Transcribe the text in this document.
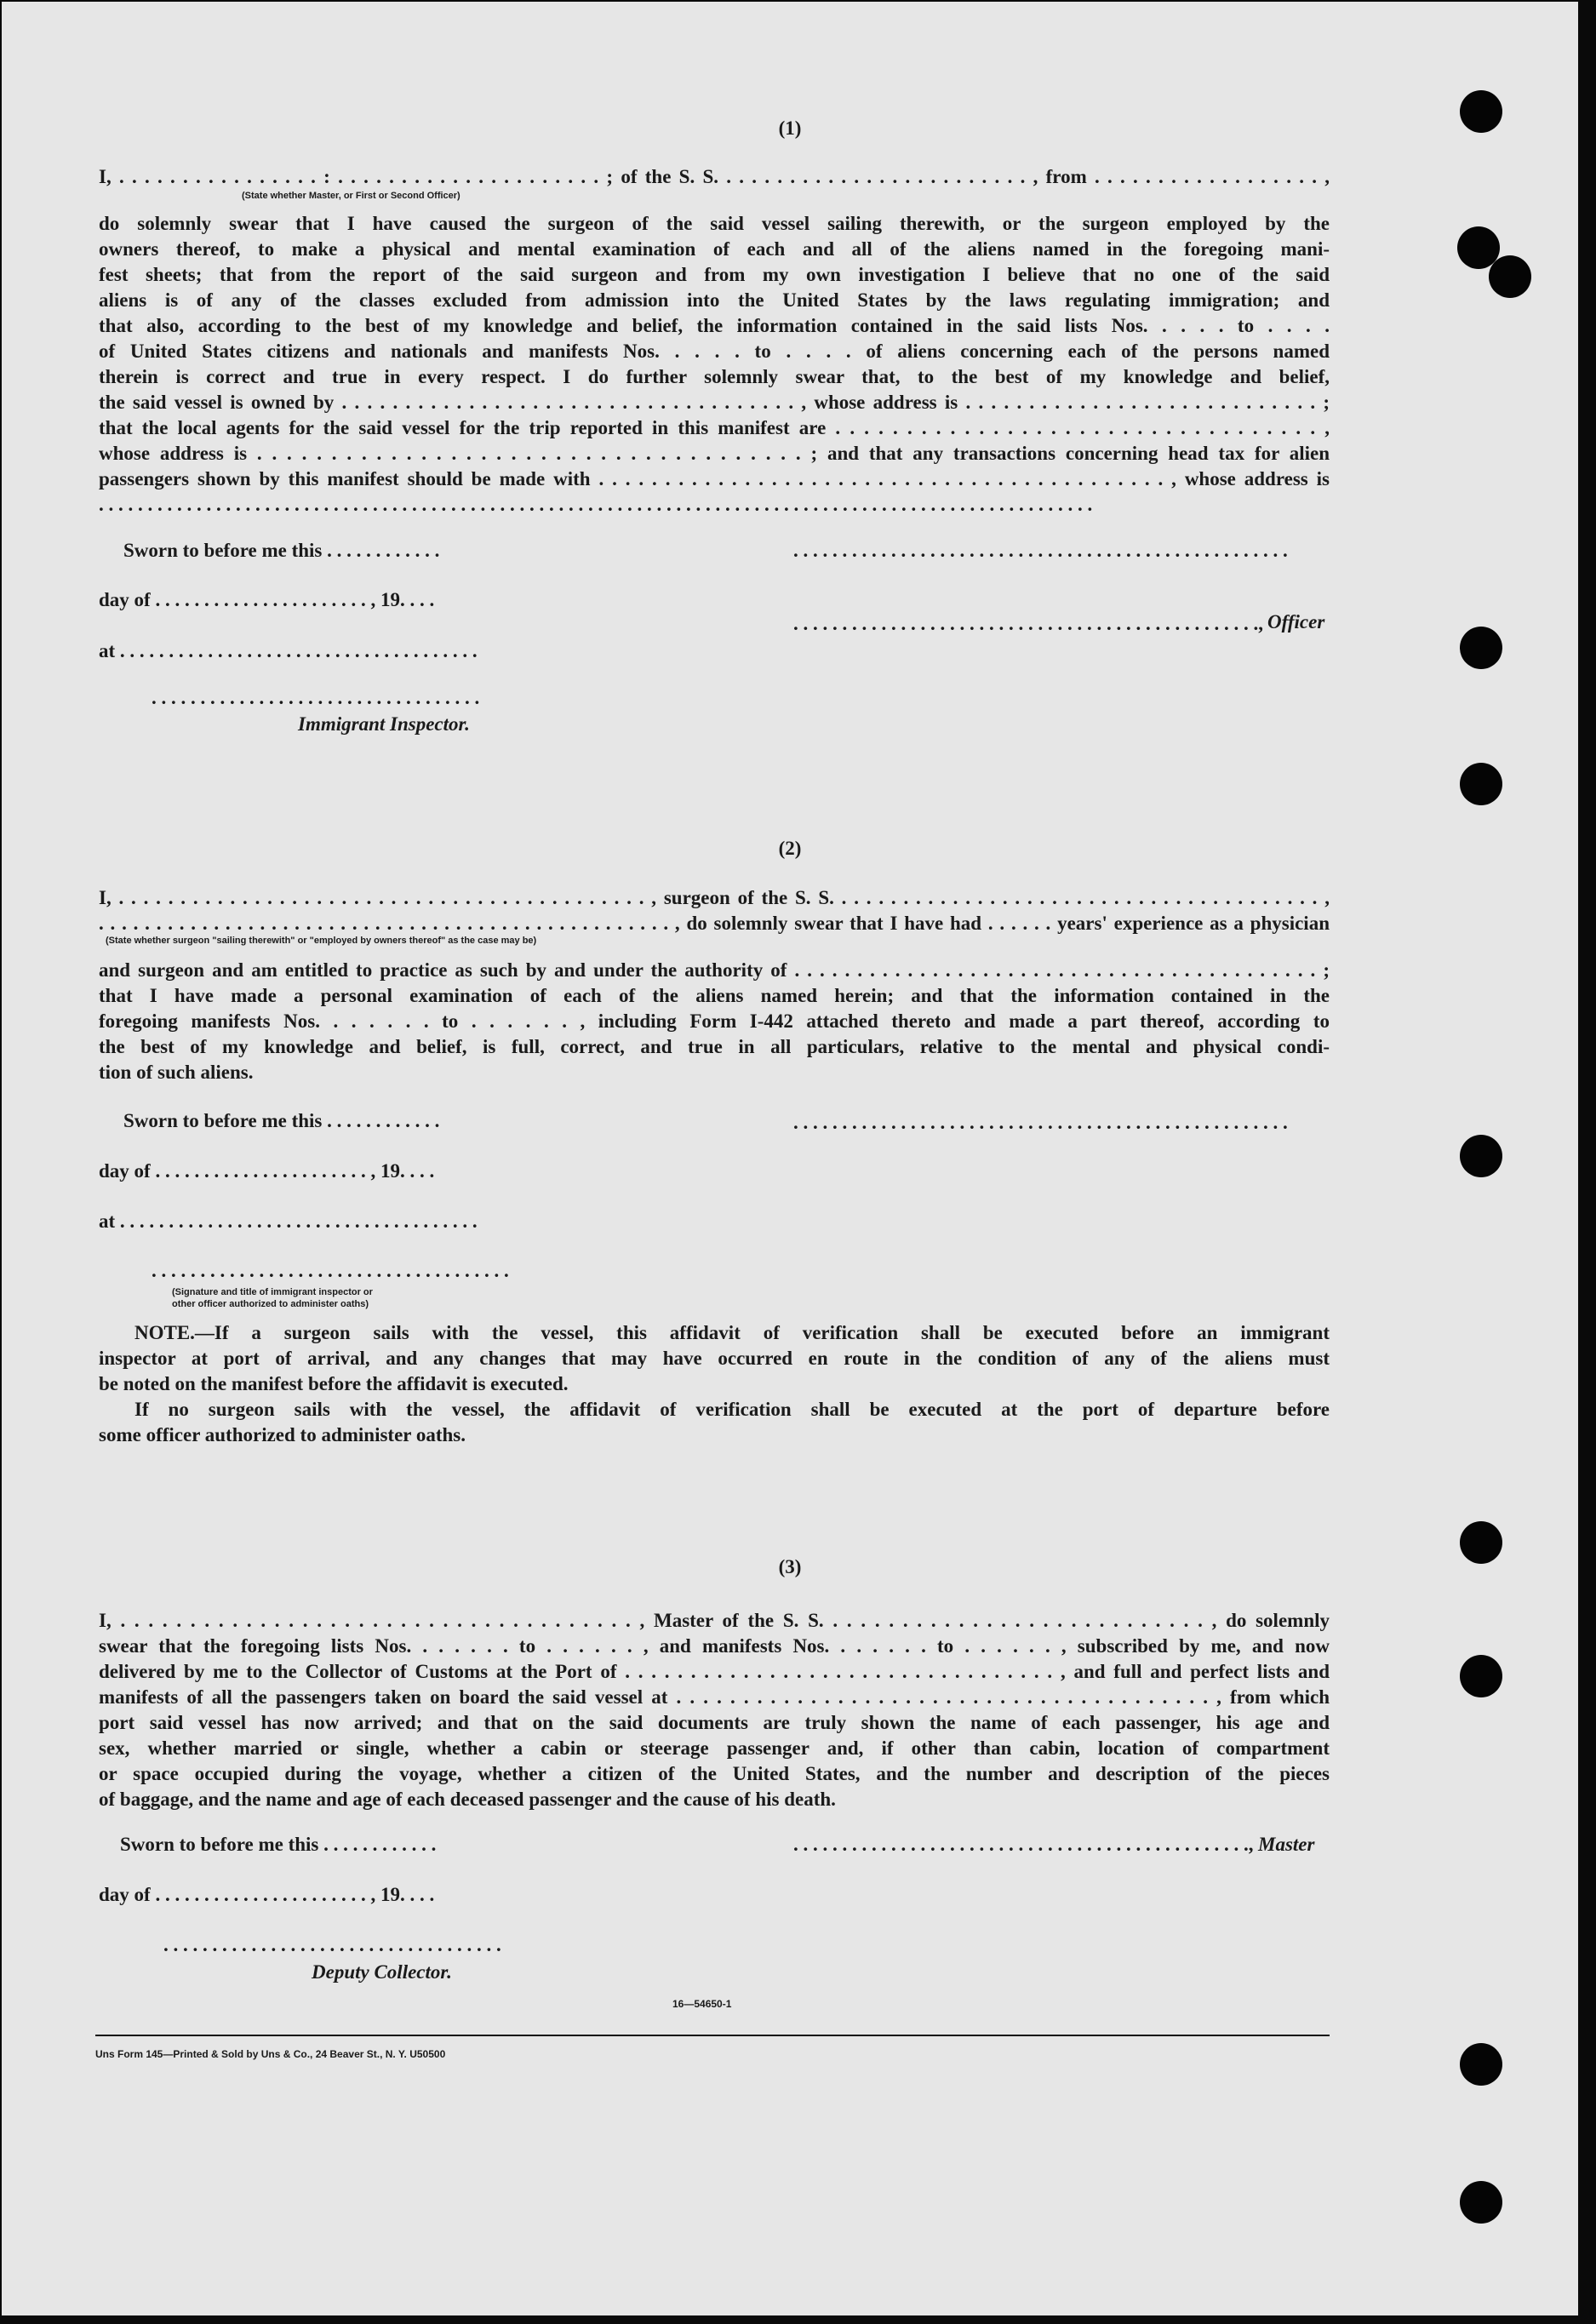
(1)
I, . . . . . . . . . . . . . . . . : . . . . . . . . . . . . . . . . . . . . . ; of the S. S. . . . . . . . . . . . . . . . . . . . . . . . . , from . . . . . . . . . . . . . . . . . . ,
(State whether Master, or First or Second Officer)
do solemnly swear that I have caused the surgeon of the said vessel sailing therewith, or the surgeon employed by the
owners thereof, to make a physical and mental examination of each and all of the aliens named in the foregoing mani-
fest sheets; that from the report of the said surgeon and from my own investigation I believe that no one of the said
aliens is of any of the classes excluded from admission into the United States by the laws regulating immigration; and
that also, according to the best of my knowledge and belief, the information contained in the said lists Nos. . . . . to . . . .
of United States citizens and nationals and manifests Nos. . . . . to . . . . of aliens concerning each of the persons named
therein is correct and true in every respect. I do further solemnly swear that, to the best of my knowledge and belief,
the said vessel is owned by . . . . . . . . . . . . . . . . . . . . . . . . . . . . . . . . . . . . , whose address is . . . . . . . . . . . . . . . . . . . . . . . . . . . . ;
that the local agents for the said vessel for the trip reported in this manifest are . . . . . . . . . . . . . . . . . . . . . . . . . . . . . . . . . . ,
whose address is . . . . . . . . . . . . . . . . . . . . . . . . . . . . . . . . . . . . . ; and that any transactions concerning head tax for alien
passengers shown by this manifest should be made with . . . . . . . . . . . . . . . . . . . . . . . . . . . . . . . . . . . . . . . . . . . , whose address is
. . . . . . . . . . . . . . . . . . . . . . . . . . . . . . . . . . . . . . . . . . . . . . . . . . . . . . . . . . . . . . . . . . . . . . . . . . . . . . . . . . . . . . . . . . . . . . . . . . . . . .
Sworn to before me this . . . . . . . . . . . .	. . . . . . . . . . . . . . . . . . . . . . . . . . . . . . . . . . . . . . . . . . . . . . . . . . .
day of . . . . . . . . . . . . . . . . . . . . . . , 19. . . .
. . . . . . . . . . . . . . . . . . . . . . . . . . . . . . . . . . . . . . . . . . . . . . . ., Officer
at . . . . . . . . . . . . . . . . . . . . . . . . . . . . . . . . . . . . .
. . . . . . . . . . . . . . . . . . . . . . . . . . . . . . . . . .
Immigrant Inspector.
(2)
I, . . . . . . . . . . . . . . . . . . . . . . . . . . . . . . . . . . . . . . . . . . . , surgeon of the S. S. . . . . . . . . . . . . . . . . . . . . . . . . . . . . . . . . . . . . . . . ,
. . . . . . . . . . . . . . . . . . . . . . . . . . . . . . . . . . . . . . . . . . . . . . . . . . , do solemnly swear that I have had . . . . . . years' experience as a physician
(State whether surgeon "sailing therewith" or "employed by owners thereof" as the case may be)
and surgeon and am entitled to practice as such by and under the authority of . . . . . . . . . . . . . . . . . . . . . . . . . . . . . . . . . . . . . . . . . . ;
that I have made a personal examination of each of the aliens named herein; and that the information contained in the
foregoing manifests Nos. . . . . . . to . . . . . . , including Form I-442 attached thereto and made a part thereof, according to
the best of my knowledge and belief, is full, correct, and true in all particulars, relative to the mental and physical condi-
tion of such aliens.
Sworn to before me this . . . . . . . . . . . .	. . . . . . . . . . . . . . . . . . . . . . . . . . . . . . . . . . . . . . . . . . . . . . . . . . .
day of . . . . . . . . . . . . . . . . . . . . . . , 19. . . .
at . . . . . . . . . . . . . . . . . . . . . . . . . . . . . . . . . . . . .
. . . . . . . . . . . . . . . . . . . . . . . . . . . . . . . . . . . . .
(Signature and title of immigrant inspector or
other officer authorized to administer oaths)
NOTE.—If a surgeon sails with the vessel, this affidavit of verification shall be executed before an immigrant
inspector at port of arrival, and any changes that may have occurred en route in the condition of any of the aliens must
be noted on the manifest before the affidavit is executed.
If no surgeon sails with the vessel, the affidavit of verification shall be executed at the port of departure before
some officer authorized to administer oaths.
(3)
I, . . . . . . . . . . . . . . . . . . . . . . . . . . . . . . . . . . . . . , Master of the S. S. . . . . . . . . . . . . . . . . . . . . . . . . . . . , do solemnly
swear that the foregoing lists Nos. . . . . . . to . . . . . . , and manifests Nos. . . . . . . to . . . . . . , subscribed by me, and now
delivered by me to the Collector of Customs at the Port of . . . . . . . . . . . . . . . . . . . . . . . . . . . . . . . . . , and full and perfect lists and
manifests of all the passengers taken on board the said vessel at . . . . . . . . . . . . . . . . . . . . . . . . . . . . . . . . . . . . . . . . , from which
port said vessel has now arrived; and that on the said documents are truly shown the name of each passenger, his age and
sex, whether married or single, whether a cabin or steerage passenger and, if other than cabin, location of compartment
or space occupied during the voyage, whether a citizen of the United States, and the number and description of the pieces
of baggage, and the name and age of each deceased passenger and the cause of his death.
Sworn to before me this . . . . . . . . . . . .	. . . . . . . . . . . . . . . . . . . . . . . . . . . . . . . . . . . . . . . . . . . . . . ., Master
day of . . . . . . . . . . . . . . . . . . . . . . , 19. . . .
. . . . . . . . . . . . . . . . . . . . . . . . . . . . . . . . . . .
Deputy Collector.
16—54650-1
Uns Form 145—Printed & Sold by Uns & Co., 24 Beaver St., N. Y. U50500
